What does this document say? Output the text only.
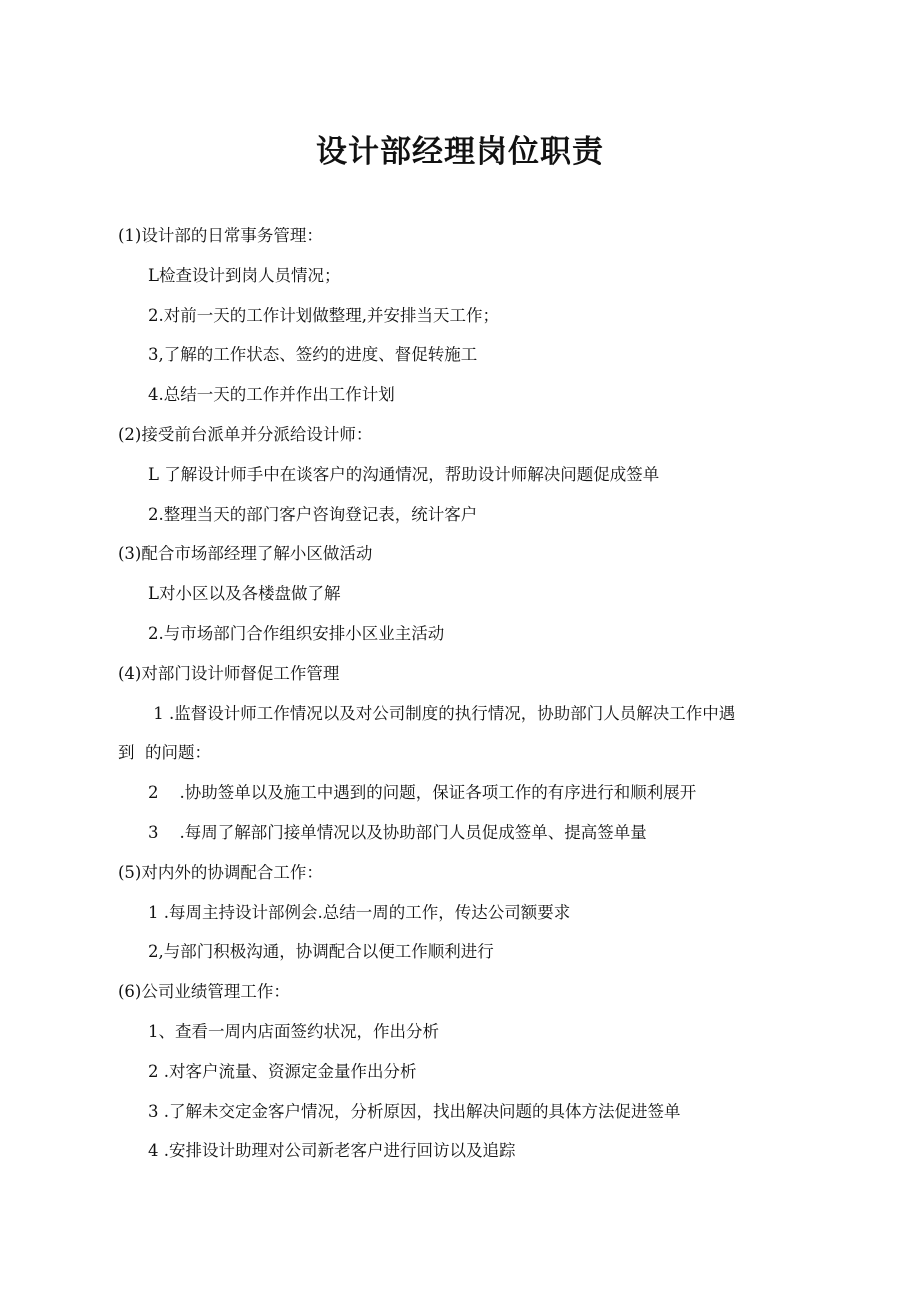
设计部经理岗位职责
(1)设计部的日常事务管理：
L检查设计到岗人员情况；
2.对前一天的工作计划做整理,并安排当天工作；
3,了解的工作状态、签约的进度、督促转施工
4.总结一天的工作并作出工作计划
(2)接受前台派单并分派给设计师：
L 了解设计师手中在谈客户的沟通情况，帮助设计师解决问题促成签单
2.整理当天的部门客户咨询登记表，统计客户
(3)配合市场部经理了解小区做活动
L对小区以及各楼盘做了解
2.与市场部门合作组织安排小区业主活动
(4)对部门设计师督促工作管理
1 .监督设计师工作情况以及对公司制度的执行情况，协助部门人员解决工作中遇
到  的问题：
2    .协助签单以及施工中遇到的问题，保证各项工作的有序进行和顺利展开
3    .每周了解部门接单情况以及协助部门人员促成签单、提高签单量
(5)对内外的协调配合工作：
1 .每周主持设计部例会.总结一周的工作，传达公司额要求
2,与部门积极沟通，协调配合以便工作顺利进行
(6)公司业绩管理工作：
1、查看一周内店面签约状况，作出分析
2 .对客户流量、资源定金量作出分析
3 .了解未交定金客户情况，分析原因，找出解决问题的具体方法促进签单
4 .安排设计助理对公司新老客户进行回访以及追踪
